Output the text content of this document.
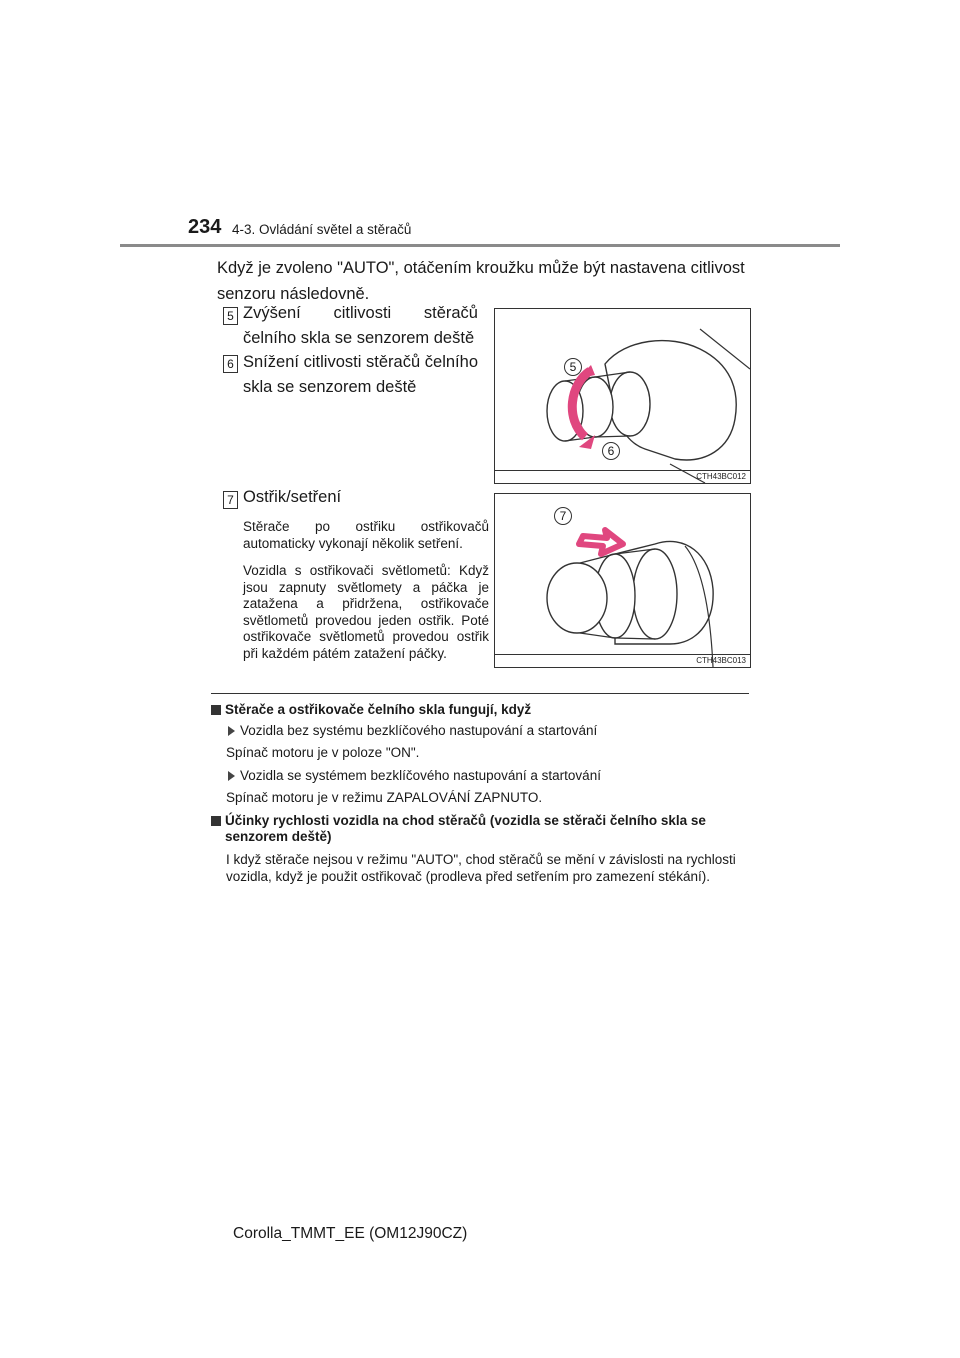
234 4-3. Ovládání světel a stěračů
Když je zvoleno "AUTO", otáčením kroužku může být nastavena citlivost senzoru následovně.
5 Zvýšení citlivosti stěračů čelního skla se senzorem deště
6 Snížení citlivosti stěračů čelního skla se senzorem deště
5
6
CTH43BC012
7 Ostřik/setření
Stěrače po ostřiku ostřikovačů automaticky vykonají několik setření.
Vozidla s ostřikovači světlometů: Když jsou zapnuty světlomety a páčka je zatažena a přidržena, ostřikovače světlometů provedou jeden ostřik. Poté ostřikovače světlometů provedou ostřik při každém pátém zatažení páčky.
7
CTH43BC013
Stěrače a ostřikovače čelního skla fungují, když
Vozidla bez systému bezklíčového nastupování a startování
Spínač motoru je v poloze "ON".
Vozidla se systémem bezklíčového nastupování a startování
Spínač motoru je v režimu ZAPALOVÁNÍ ZAPNUTO.
Účinky rychlosti vozidla na chod stěračů (vozidla se stěrači čelního skla se senzorem deště)
I když stěrače nejsou v režimu "AUTO", chod stěračů se mění v závislosti na rychlosti vozidla, když je použit ostřikovač (prodleva před setřením pro zamezení stékání).
Corolla_TMMT_EE (OM12J90CZ)
